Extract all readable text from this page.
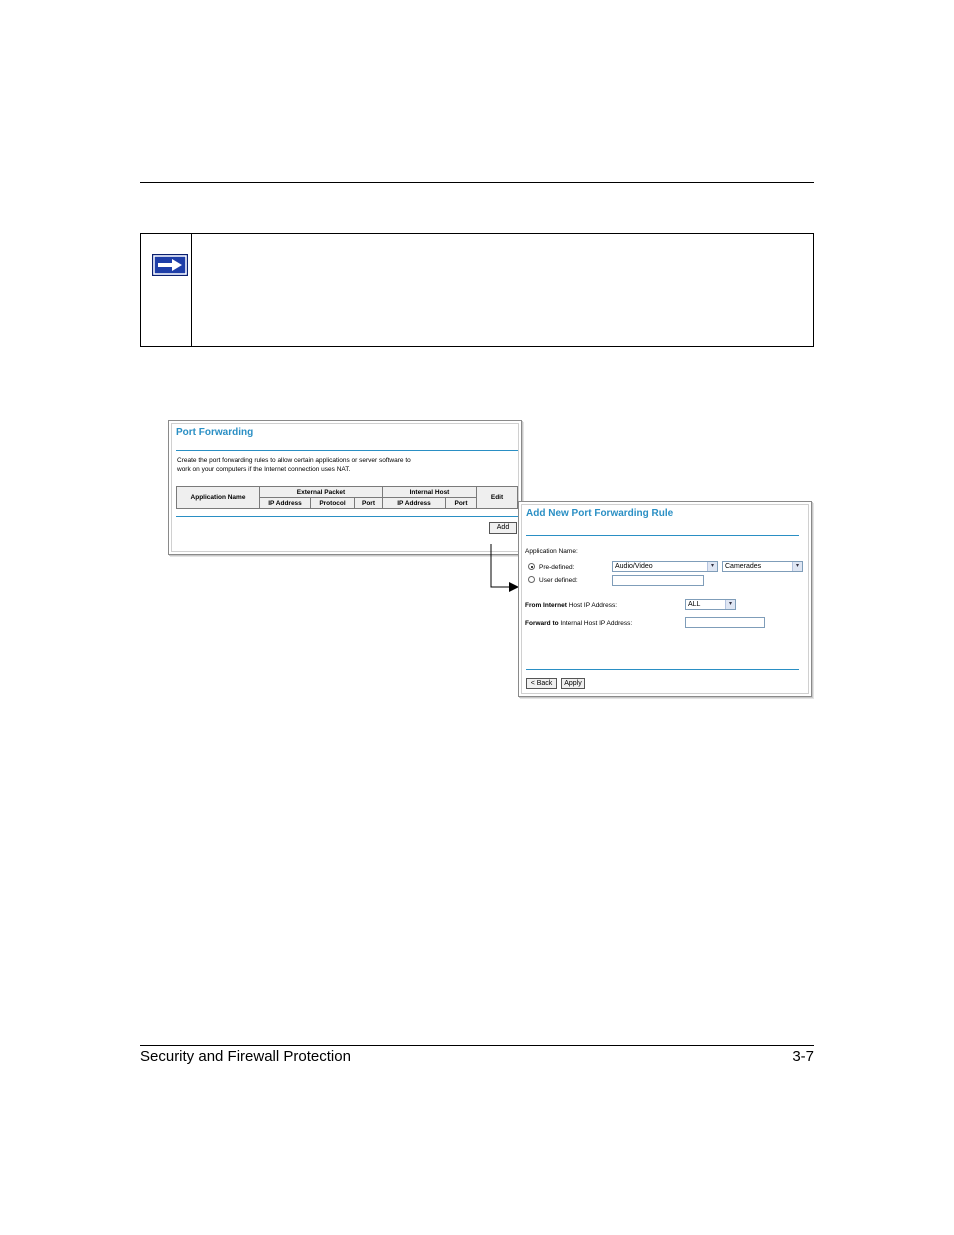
Port Forwarding
Create the port forwarding rules to allow certain applications or server software to
work on your computers if the Internet connection uses NAT.
Application Name	External Packet			Internal Host		Edit
	IP Address	Protocol	Port	IP Address	Port	
Add
Add New Port Forwarding Rule
Application Name:
Pre-defined:	Audio/Video	▾	Camerades	▾
User defined:
From Internet Host IP Address:	ALL	▾
Forward to Internal Host IP Address:
< Back	Apply
Security and Firewall Protection	3-7
